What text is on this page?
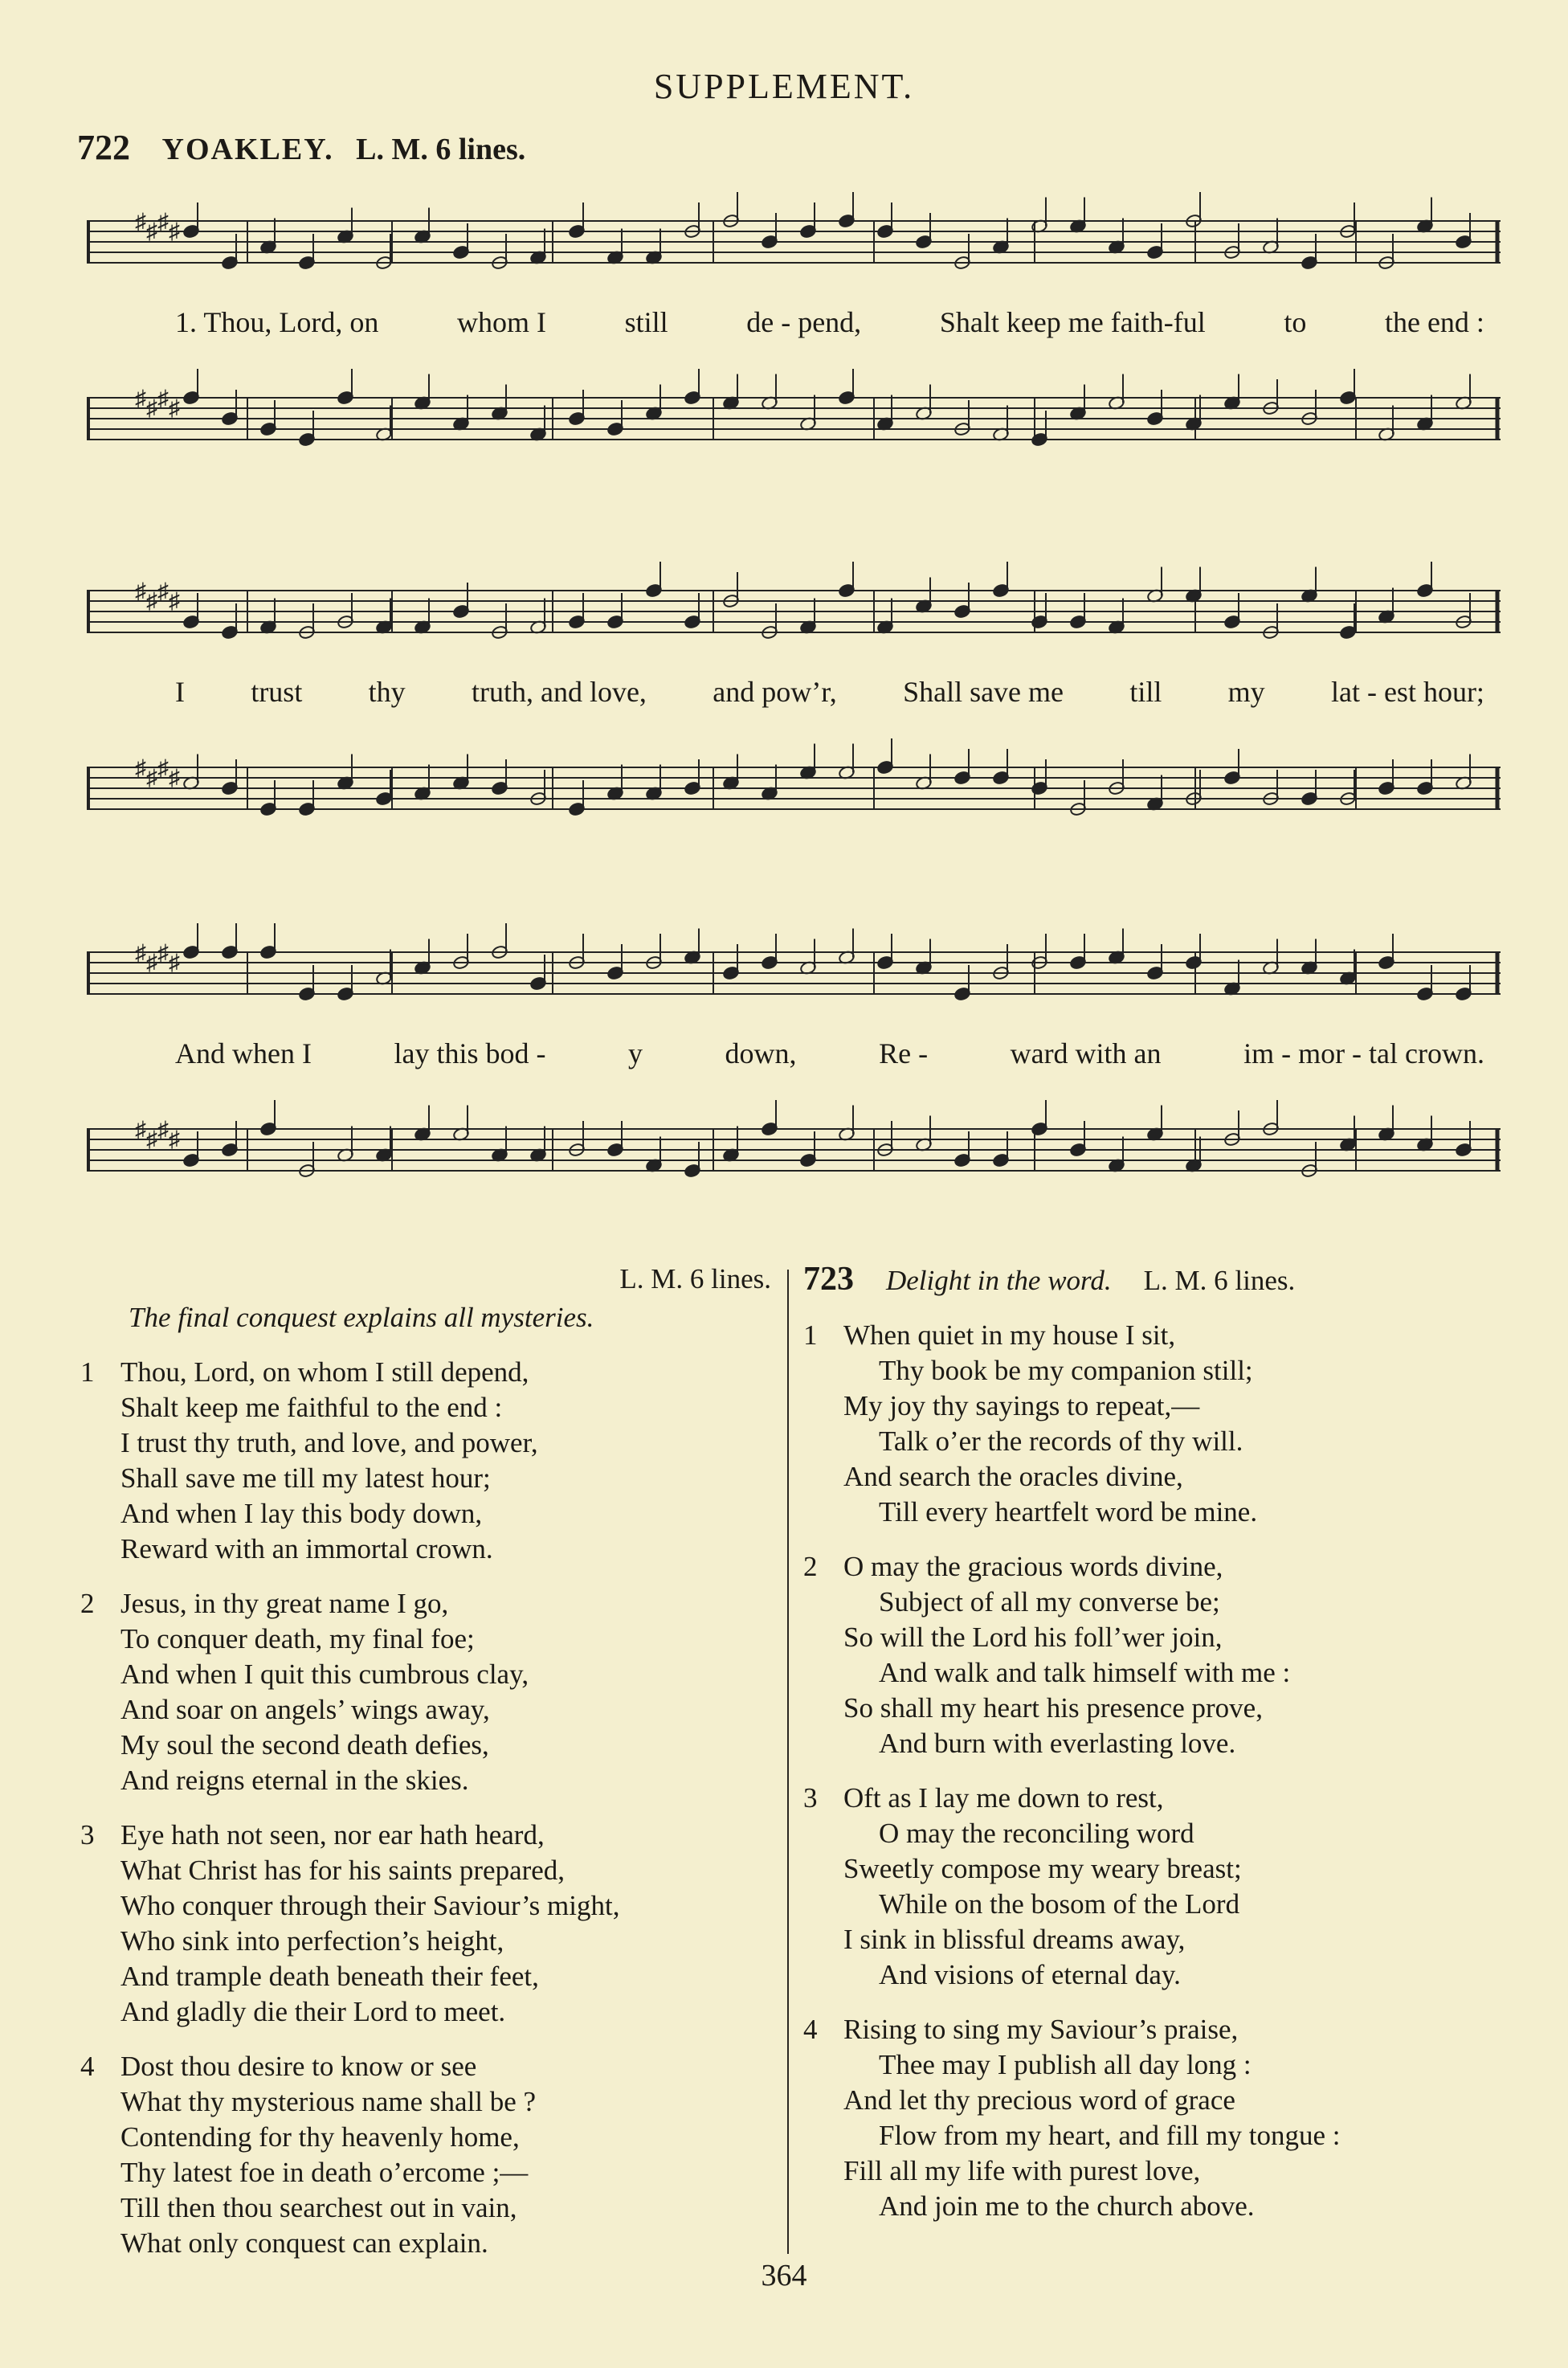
SUPPLEMENT.
722 YOAKLEY. L. M. 6 lines.
♯ ♯ ♯ ♯
1. Thou, Lord, on	whom I	still	de - pend,	Shalt keep me faith-ful	to	the end :
♯ ♯ ♯ ♯
♯ ♯ ♯ ♯
I trust thy truth, and love, and pow’r, Shall save me till my lat - est hour;
♯ ♯ ♯ ♯
♯ ♯ ♯ ♯
And when I	lay this bod -	y	down,	Re -	ward with an	im - mor - tal crown.
♯ ♯ ♯ ♯
L. M. 6 lines.
The final conquest explains all mysteries.
1 Thou, Lord, on whom I still depend,
Shalt keep me faithful to the end :
I trust thy truth, and love, and power,
Shall save me till my latest hour;
And when I lay this body down,
Reward with an immortal crown.
2 Jesus, in thy great name I go,
To conquer death, my final foe;
And when I quit this cumbrous clay,
And soar on angels’ wings away,
My soul the second death defies,
And reigns eternal in the skies.
3 Eye hath not seen, nor ear hath heard,
What Christ has for his saints prepared,
Who conquer through their Saviour’s might,
Who sink into perfection’s height,
And trample death beneath their feet,
And gladly die their Lord to meet.
4 Dost thou desire to know or see
What thy mysterious name shall be ?
Contending for thy heavenly home,
Thy latest foe in death o’ercome ;—
Till then thou searchest out in vain,
What only conquest can explain.
723 Delight in the word. L. M. 6 lines.
1 When quiet in my house I sit,
Thy book be my companion still;
My joy thy sayings to repeat,—
Talk o’er the records of thy will.
And search the oracles divine,
Till every heartfelt word be mine.
2 O may the gracious words divine,
Subject of all my converse be;
So will the Lord his foll’wer join,
And walk and talk himself with me :
So shall my heart his presence prove,
And burn with everlasting love.
3 Oft as I lay me down to rest,
O may the reconciling word
Sweetly compose my weary breast;
While on the bosom of the Lord
I sink in blissful dreams away,
And visions of eternal day.
4 Rising to sing my Saviour’s praise,
Thee may I publish all day long :
And let thy precious word of grace
Flow from my heart, and fill my tongue :
Fill all my life with purest love,
And join me to the church above.
364
